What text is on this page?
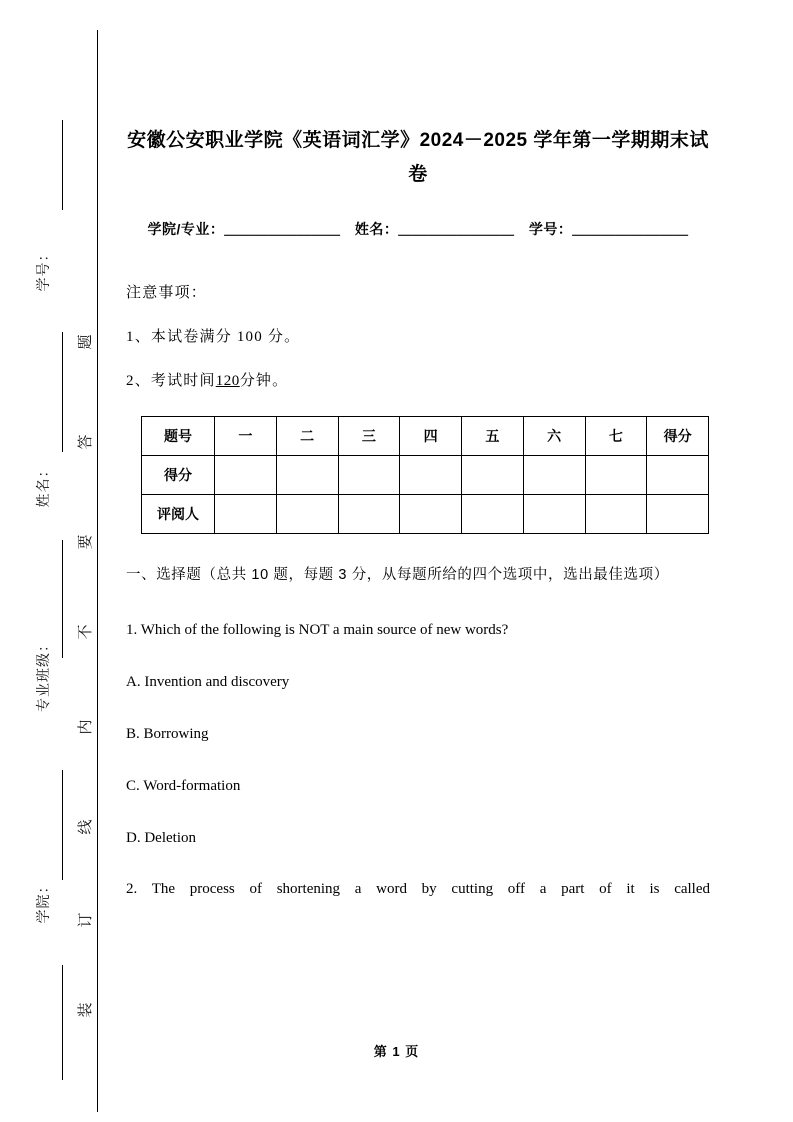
题
答
要
不
内
线
订
装
学号：
姓名：
专业班级：
学院：
安徽公安职业学院《英语词汇学》2024－2025 学年第一学期期末试卷

学院/专业：＿＿＿＿＿＿＿＿　姓名：＿＿＿＿＿＿＿＿　学号：＿＿＿＿＿＿＿＿

注意事项：

1、本试卷满分 100 分。

2、考试时间120分钟。

题号	一	二	三	四	五	六	七	得分
得分								
评阅人								

一、选择题（总共 10 题，每题 3 分，从每题所给的四个选项中，选出最佳选项）

1. Which of the following is NOT a main source of new words?

A. Invention and discovery

B. Borrowing

C. Word-formation

D. Deletion

2. The process of shortening a word by cutting off a part of it is called

第 1 页
